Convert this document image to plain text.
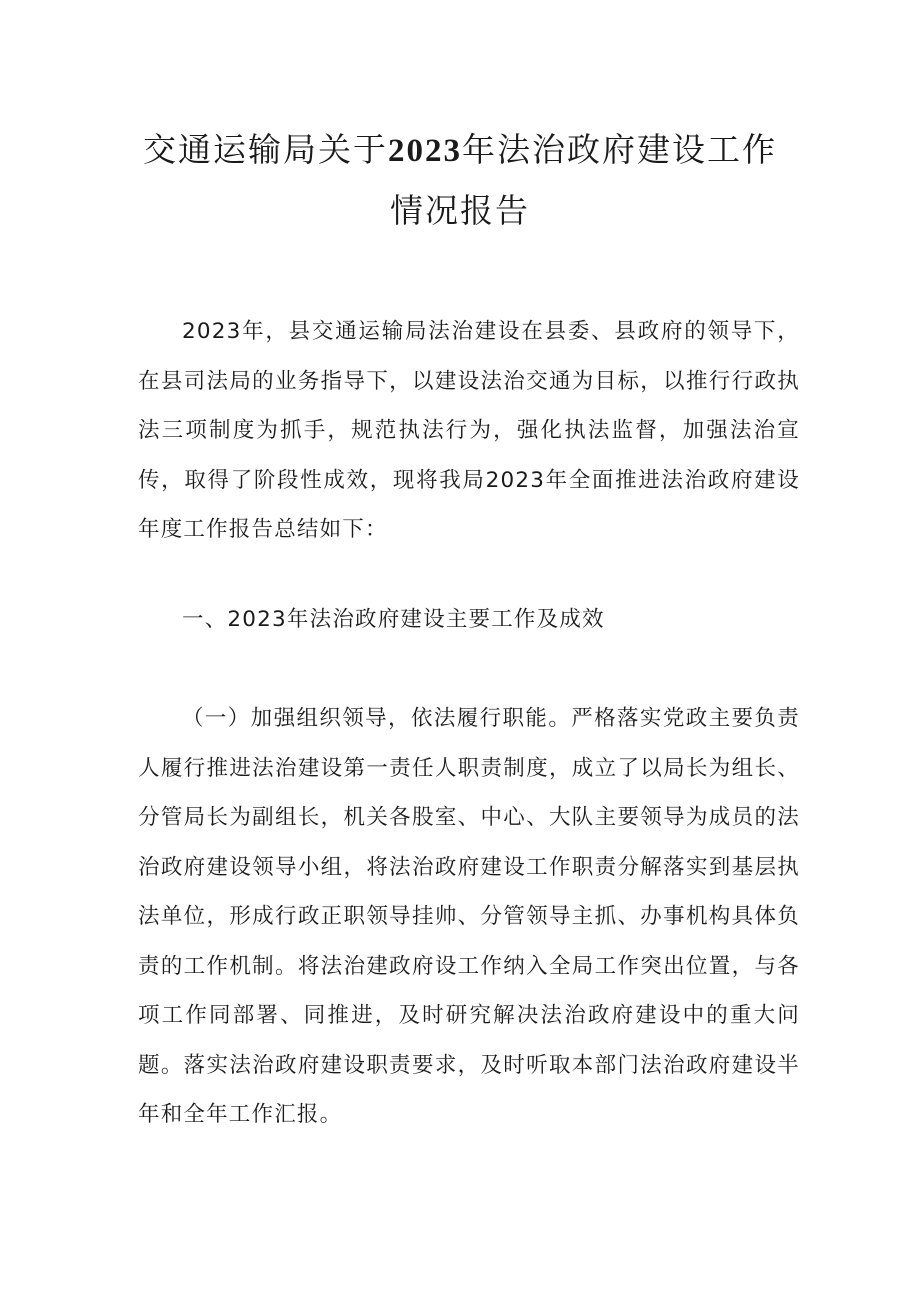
交通运输局关于2023年法治政府建设工作
情况报告

2023年，县交通运输局法治建设在县委、县政府的领导下，在县司法局的业务指导下，以建设法治交通为目标，以推行行政执法三项制度为抓手，规范执法行为，强化执法监督，加强法治宣传，取得了阶段性成效，现将我局2023年全面推进法治政府建设年度工作报告总结如下：

一、2023年法治政府建设主要工作及成效

（一）加强组织领导，依法履行职能。严格落实党政主要负责人履行推进法治建设第一责任人职责制度，成立了以局长为组长、分管局长为副组长，机关各股室、中心、大队主要领导为成员的法治政府建设领导小组，将法治政府建设工作职责分解落实到基层执法单位，形成行政正职领导挂帅、分管领导主抓、办事机构具体负责的工作机制。将法治建政府设工作纳入全局工作突出位置，与各项工作同部署、同推进，及时研究解决法治政府建设中的重大问题。落实法治政府建设职责要求，及时听取本部门法治政府建设半年和全年工作汇报。
